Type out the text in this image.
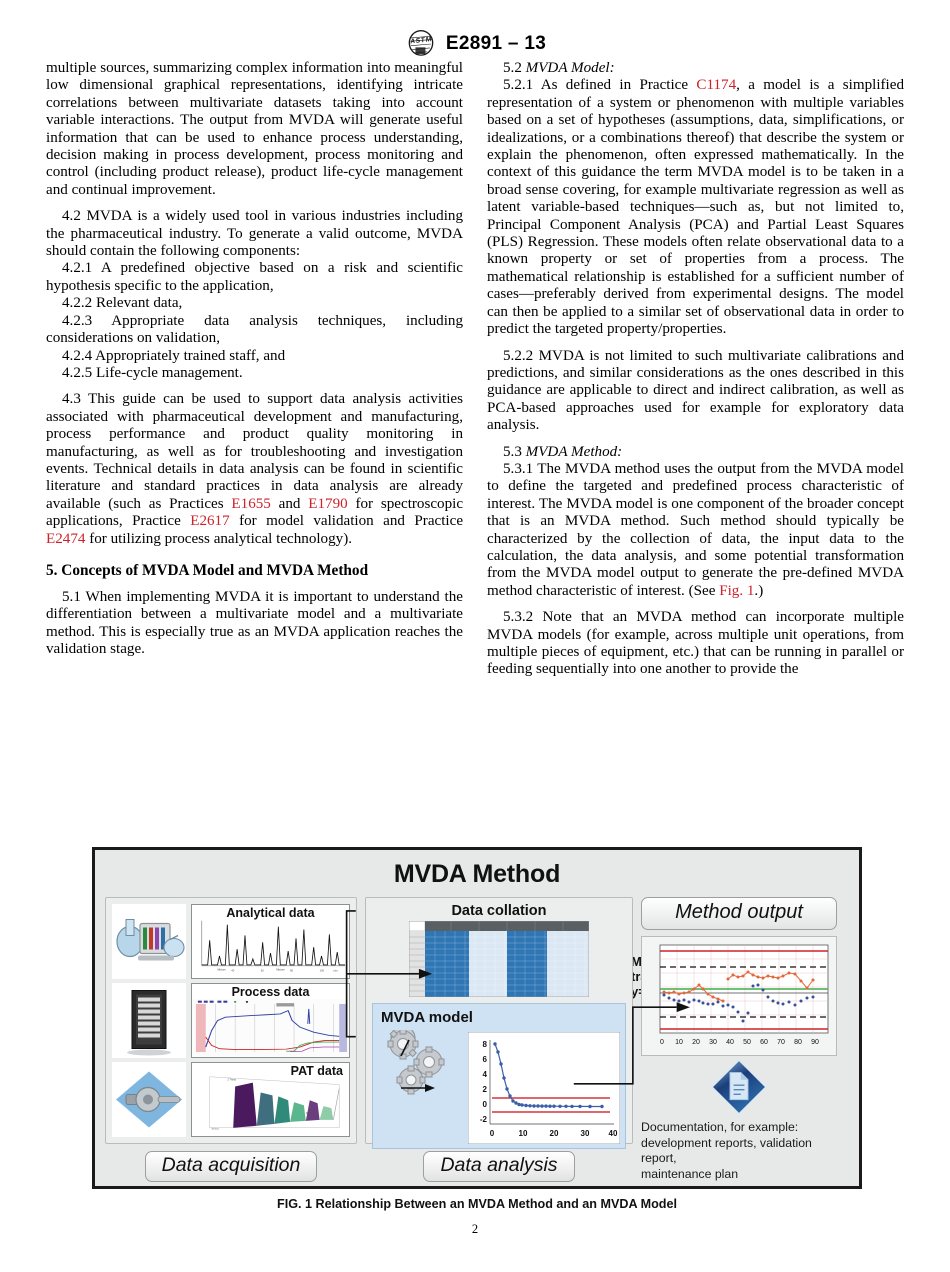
A S T M E2891 – 13

multiple sources, summarizing complex information into meaningful low dimensional graphical representations, identifying intricate correlations between multivariate datasets taking into account variable interactions. The output from MVDA will generate useful information that can be used to enhance process understanding, decision making in process development, process monitoring and control (including product release), product life-cycle management and continual improvement.

4.2 MVDA is a widely used tool in various industries including the pharmaceutical industry. To generate a valid outcome, MVDA should contain the following components:

4.2.1 A predefined objective based on a risk and scientific hypothesis specific to the application,

4.2.2 Relevant data,

4.2.3 Appropriate data analysis techniques, including considerations on validation,

4.2.4 Appropriately trained staff, and

4.2.5 Life-cycle management.

4.3 This guide can be used to support data analysis activities associated with pharmaceutical development and manufacturing, process performance and product quality monitoring in manufacturing, as well as for troubleshooting and investigation events. Technical details in data analysis can be found in scientific literature and standard practices in data analysis are already available (such as Practices E1655 and E1790 for spectroscopic applications, Practice E2617 for model validation and Practice E2474 for utilizing process analytical technology).

5. Concepts of MVDA Model and MVDA Method

5.1 When implementing MVDA it is important to understand the differentiation between a multivariate model and a multivariate method. This is especially true as an MVDA application reaches the validation stage.

5.2 MVDA Model:

5.2.1 As defined in Practice C1174, a model is a simplified representation of a system or phenomenon with multiple variables based on a set of hypotheses (assumptions, data, simplifications, or idealizations, or a combinations thereof) that describe the system or explain the phenomenon, often expressed mathematically. In the context of this guidance the term MVDA model is to be taken in a broad sense covering, for example multivariate regression as well as latent variable-based techniques—such as, but not limited to, Principal Component Analysis (PCA) and Partial Least Squares (PLS) Regression. These models often relate observational data to a known property or set of properties from a process. The mathematical relationship is established for a sufficient number of cases—preferably derived from experimental designs. The model can then be applied to a similar set of observational data in order to predict the targeted property/properties.

5.2.2 MVDA is not limited to such multivariate calibrations and predictions, and similar considerations as the ones described in this guidance are applicable to direct and indirect calibration, as well as PCA-based approaches used for example for exploratory data analysis.

5.3 MVDA Method:

5.3.1 The MVDA method uses the output from the MVDA model to define the targeted and predefined process characteristic of interest. The MVDA model is one component of the broader concept that is an MVDA method. Such method should typically be characterized by the collection of data, the input data to the calculation, the data analysis, and some potential transformation from the MVDA model output to generate the pre-defined MVDA method characteristic of interest. (See Fig. 1.)

5.3.2 Note that an MVDA method can incorporate multiple MVDA models (for example, across multiple unit operations, from multiple pieces of equipment, etc.) that can be running in parallel or feeding sequentially into one another to provide the

MVDA Method
Analytical data
Mixture	Mixture
40	60	80	100	min
Process data
PAT data
2 Theta
Wave no.
Int a.u.
Data collation
MVDA model
8
6
4
2
0
-2
0	10	20	30 40
Method output
0 10 20 30 40 50 60 70 80 90
Documentation, for example:
development reports, validation report,
maintenance plan
Data acquisition	Data analysis
FIG. 1 Relationship Between an MVDA Method and an MVDA Model
2
